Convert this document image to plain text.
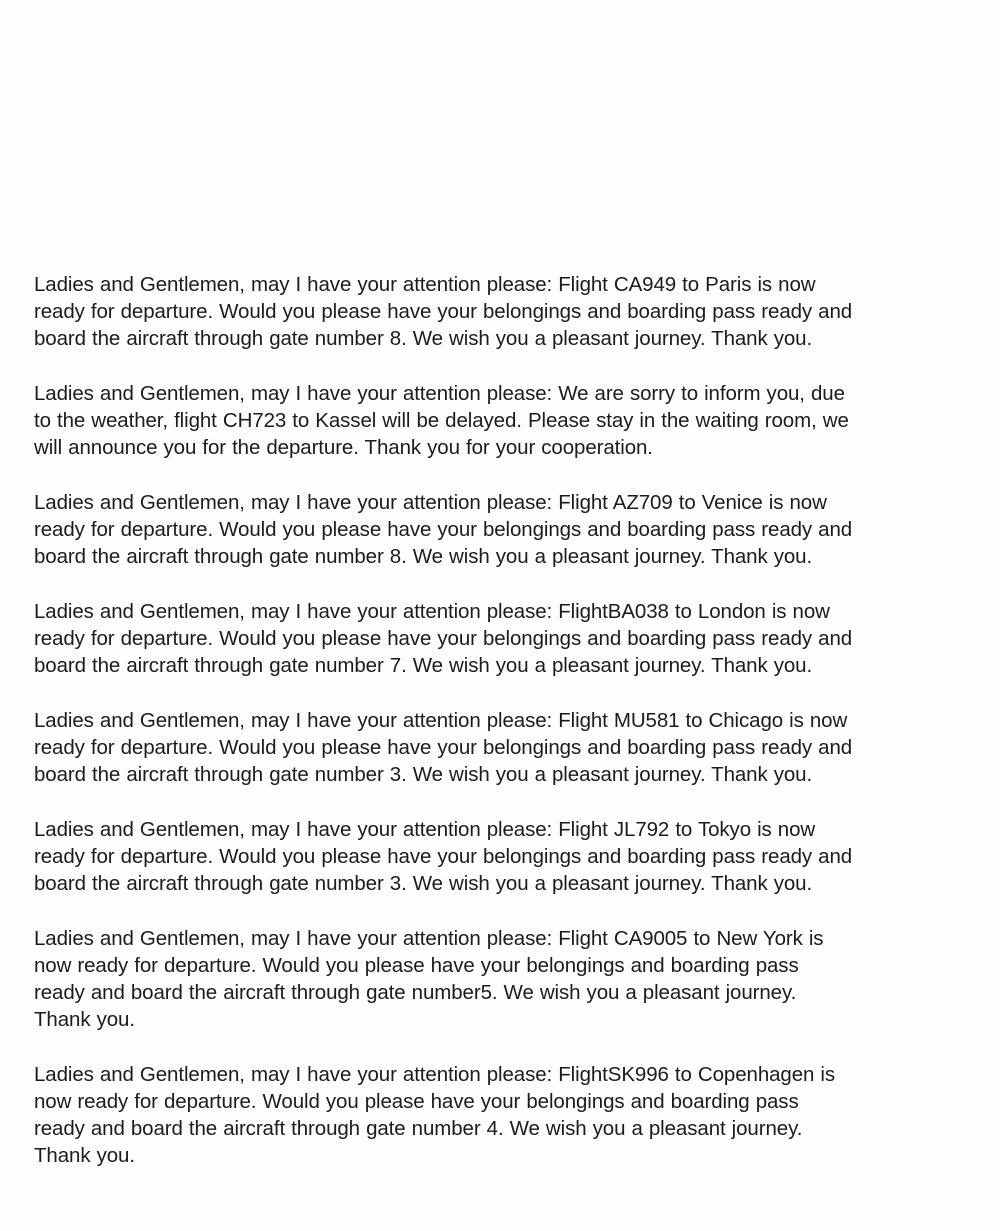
Ladies and Gentlemen, may I have your attention please: Flight CA949 to Paris is now
ready for departure. Would you please have your belongings and boarding pass ready and
board the aircraft through gate number 8. We wish you a pleasant journey. Thank you.

Ladies and Gentlemen, may I have your attention please: We are sorry to inform you, due
to the weather, flight CH723 to Kassel will be delayed. Please stay in the waiting room, we
will announce you for the departure. Thank you for your cooperation.

Ladies and Gentlemen, may I have your attention please: Flight AZ709 to Venice is now
ready for departure. Would you please have your belongings and boarding pass ready and
board the aircraft through gate number 8. We wish you a pleasant journey. Thank you.

Ladies and Gentlemen, may I have your attention please: FlightBA038 to London is now
ready for departure. Would you please have your belongings and boarding pass ready and
board the aircraft through gate number 7. We wish you a pleasant journey. Thank you.

Ladies and Gentlemen, may I have your attention please: Flight MU581 to Chicago is now
ready for departure. Would you please have your belongings and boarding pass ready and
board the aircraft through gate number 3. We wish you a pleasant journey. Thank you.

Ladies and Gentlemen, may I have your attention please: Flight JL792 to Tokyo is now
ready for departure. Would you please have your belongings and boarding pass ready and
board the aircraft through gate number 3. We wish you a pleasant journey. Thank you.

Ladies and Gentlemen, may I have your attention please: Flight CA9005 to New York is
now ready for departure. Would you please have your belongings and boarding pass
ready and board the aircraft through gate number5. We wish you a pleasant journey.
Thank you.

Ladies and Gentlemen, may I have your attention please: FlightSK996 to Copenhagen is
now ready for departure. Would you please have your belongings and boarding pass
ready and board the aircraft through gate number 4. We wish you a pleasant journey.
Thank you.
